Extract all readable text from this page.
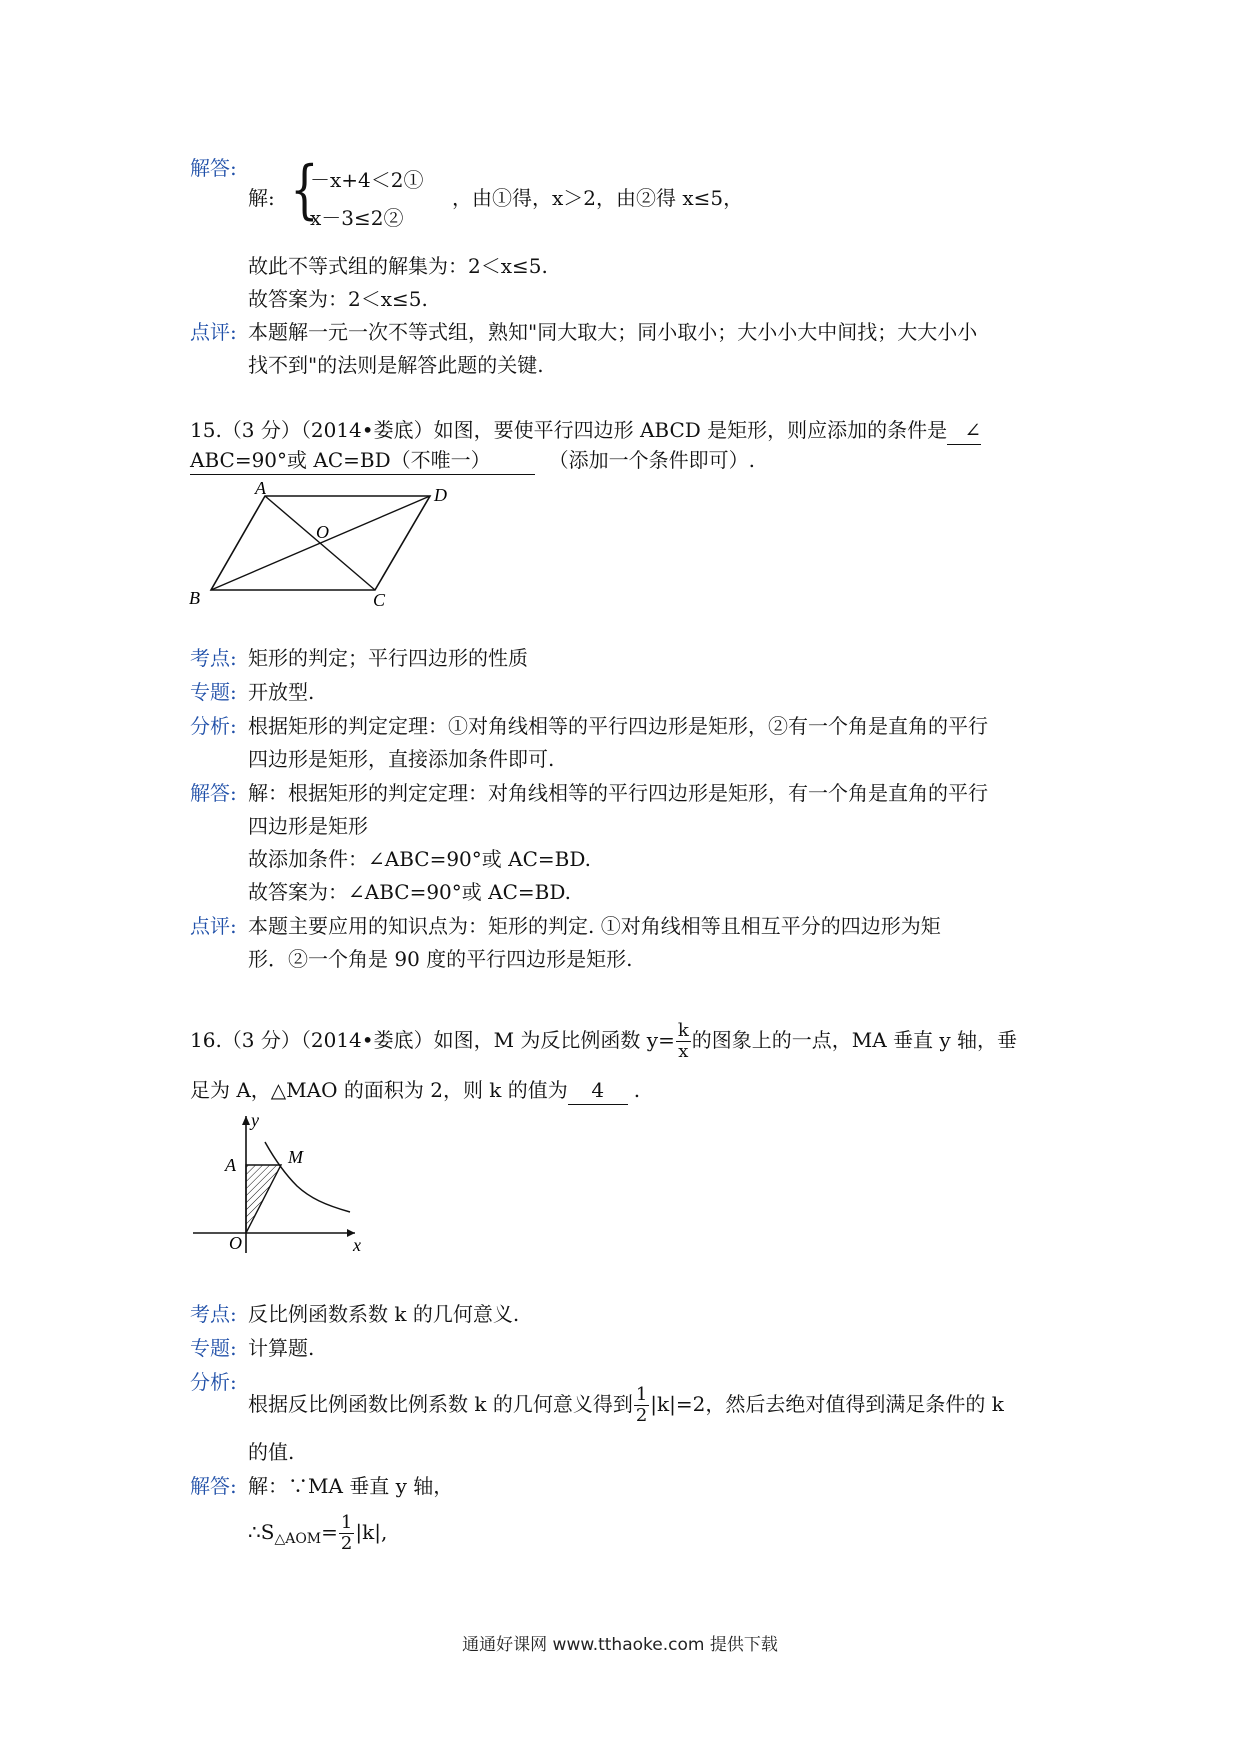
解答:
解: {
－x+4＜2①
x－3≤2②
，由①得，x＞2，由②得 x≤5，
故此不等式组的解集为：2＜x≤5.
故答案为：2＜x≤5.
点评: 本题解一元一次不等式组，熟知"同大取大；同小取小；大小小大中间找；大大小小
找不到"的法则是解答此题的关键.
15.（3 分）（2014•娄底）如图，要使平行四边形 ABCD 是矩形，则应添加的条件是 ∠
ABC=90°或 AC=BD（不唯一）	（添加一个条件即可）.
A	D
O
B	C
考点: 矩形的判定；平行四边形的性质
专题: 开放型.
分析: 根据矩形的判定定理：①对角线相等的平行四边形是矩形，②有一个角是直角的平行
四边形是矩形，直接添加条件即可.
解答: 解：根据矩形的判定定理：对角线相等的平行四边形是矩形，有一个角是直角的平行
四边形是矩形
故添加条件：∠ABC=90°或 AC=BD.
故答案为：∠ABC=90°或 AC=BD.
点评: 本题主要应用的知识点为：矩形的判定. ①对角线相等且相互平分的四边形为矩
形．②一个角是 90 度的平行四边形是矩形.
16.（3 分）（2014•娄底）如图，M 为反比例函数 $y= \frac{k}{x}$ 的图象上的一点，MA 垂直 y 轴，垂
足为 A，△MAO 的面积为 2，则 k 的值为 4 .
y
A	M
O	x
考点: 反比例函数系数 k 的几何意义.
专题: 计算题.
分析:
根据反比例函数比例系数 k 的几何意义得到 $\frac{1}{2} |k|=2$，然后去绝对值得到满足条件的 k
的值.
解答: 解：∵MA 垂直 y 轴，
$\therefore S_{\triangle AOM}= \frac{1}{2} |k|$,
通通好课网 www.tthaoke.com 提供下载
